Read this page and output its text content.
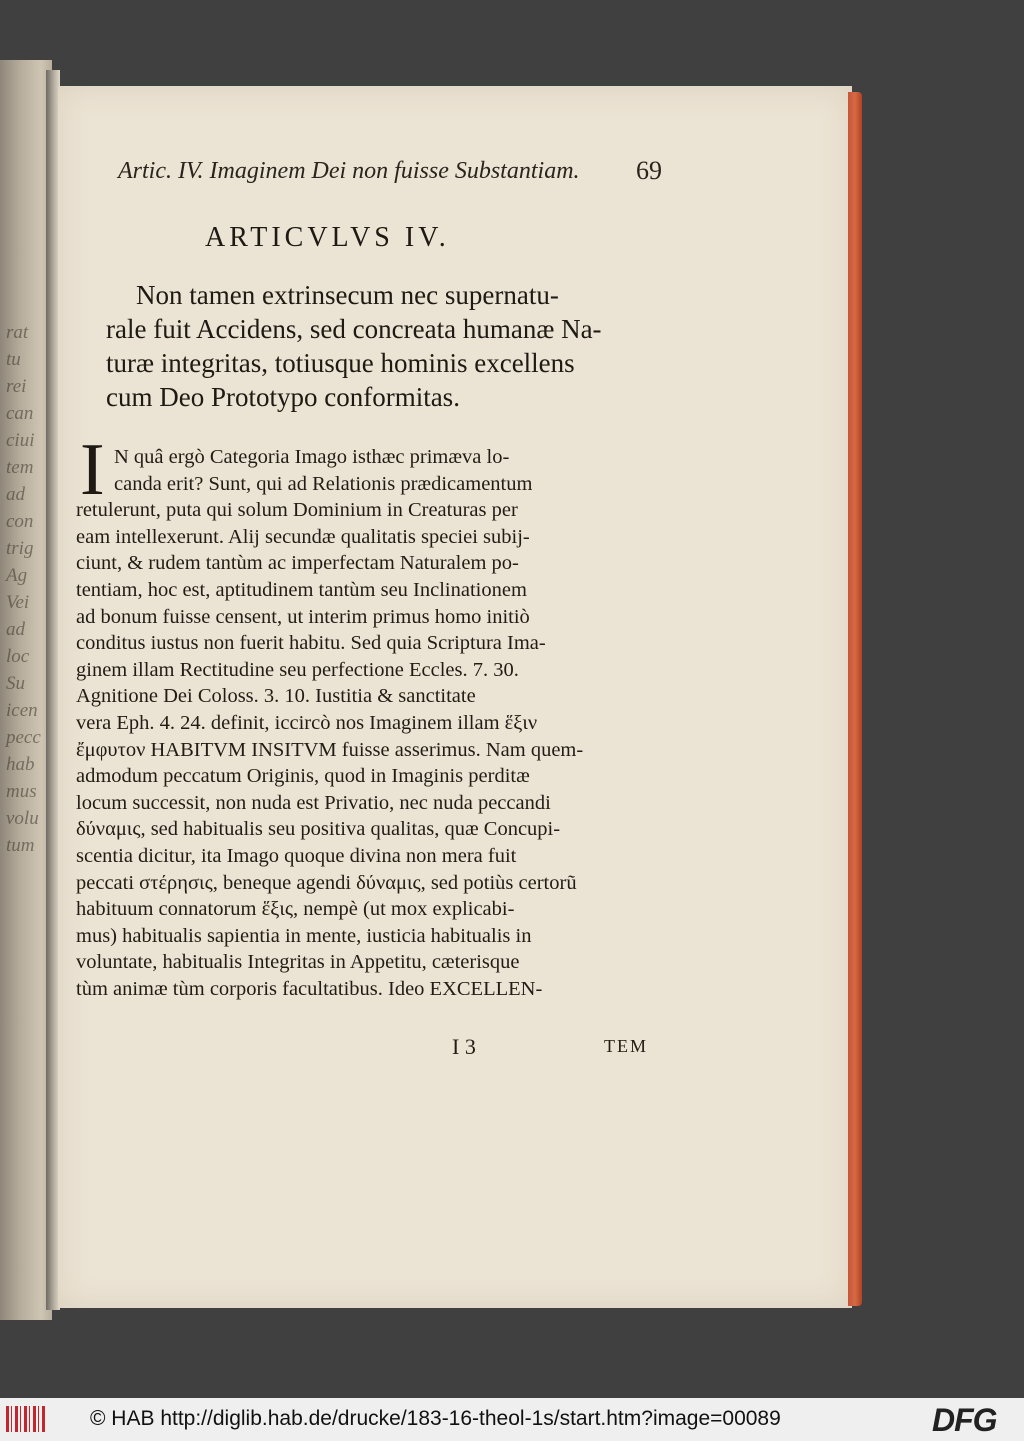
rat
tu
rei
can
ciui
tem
ad
con
trig
Ag
Vei
ad
loc
Su
icen
pecc
hab
mus
volu
tum
Artic. IV. Imaginem Dei non fuisse Substantiam.	69
ARTICVLVS IV.
Non tamen extrinsecum nec supernatu-
rale fuit Accidens, sed concreata humanæ Na-
turæ integritas, totiusque hominis excellens
cum Deo Prototypo conformitas.
I N quâ ergò Categoria Imago isthæc primæva lo-
canda erit? Sunt, qui ad Relationis prædicamentum
retulerunt, puta qui solum Dominium in Creaturas per
eam intellexerunt. Alij secundæ qualitatis speciei subij-
ciunt, & rudem tantùm ac imperfectam Naturalem po-
tentiam, hoc est, aptitudinem tantùm seu Inclinationem
ad bonum fuisse censent, ut interim primus homo initiò
conditus iustus non fuerit habitu. Sed quia Scriptura Ima-
ginem illam Rectitudine seu perfectione Eccles. 7. 30.
Agnitione Dei Coloss. 3. 10. Iustitia & sanctitate
vera Eph. 4. 24. definit, iccircò nos Imaginem illam ἕξιν
ἔμφυτον HABITVM INSITVM fuisse asserimus. Nam quem-
admodum peccatum Originis, quod in Imaginis perditæ
locum successit, non nuda est Privatio, nec nuda peccandi
δύναμις, sed habitualis seu positiva qualitas, quæ Concupi-
scentia dicitur, ita Imago quoque divina non mera fuit
peccati στέρησις, beneque agendi δύναμις, sed potiùs certorũ
habituum connatorum ἕξις, nempè (ut mox explicabi-
mus) habitualis sapientia in mente, iusticia habitualis in
voluntate, habitualis Integritas in Appetitu, cæterisque
tùm animæ tùm corporis facultatibus. Ideo EXCELLEN-
I 3	TEM
© HAB http://diglib.hab.de/drucke/183-16-theol-1s/start.htm?image=00089	DFG
